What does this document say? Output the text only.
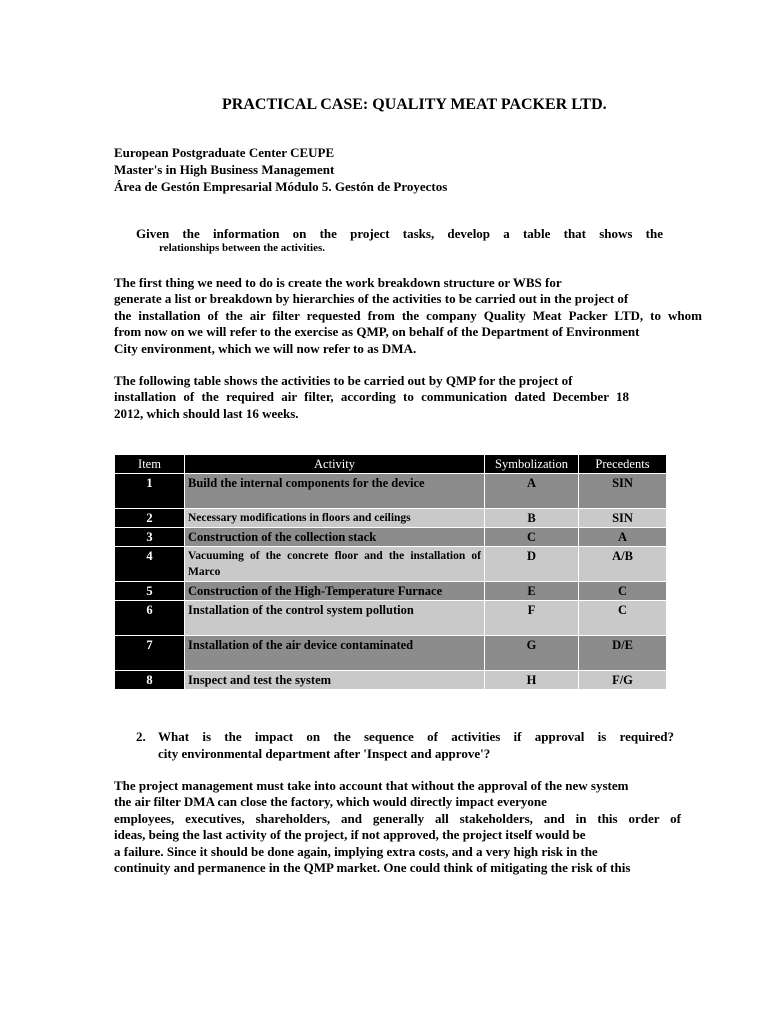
PRACTICAL CASE: QUALITY MEAT PACKER LTD.
European Postgraduate Center CEUPE
Master's in High Business Management
Área de Gestón Empresarial Módulo 5. Gestón de Proyectos
Given the information on the project tasks, develop a table that shows the
relationships between the activities.
The first thing we need to do is create the work breakdown structure or WBS for
generate a list or breakdown by hierarchies of the activities to be carried out in the project of
the installation of the air filter requested from the company Quality Meat Packer LTD, to whom
from now on we will refer to the exercise as QMP, on behalf of the Department of Environment
City environment, which we will now refer to as DMA.
The following table shows the activities to be carried out by QMP for the project of
installation of the required air filter, according to communication dated December 18
2012, which should last 16 weeks.
Item	Activity	Symbolization	Precedents
1	Build the internal components for the device	A	SIN
2	Necessary modifications in floors and ceilings	B	SIN
3	Construction of the collection stack	C	A
4	Vacuuming of the concrete floor and the installation of Marco	D	A/B
5	Construction of the High-Temperature Furnace	E	C
6	Installation of the control system pollution	F	C
7	Installation of the air device contaminated	G	D/E
8	Inspect and test the system	H	F/G
2. What is the impact on the sequence of activities if approval is required?
city environmental department after 'Inspect and approve'?
The project management must take into account that without the approval of the new system
the air filter DMA can close the factory, which would directly impact everyone
employees, executives, shareholders, and generally all stakeholders, and in this order of
ideas, being the last activity of the project, if not approved, the project itself would be
a failure. Since it should be done again, implying extra costs, and a very high risk in the
continuity and permanence in the QMP market. One could think of mitigating the risk of this
